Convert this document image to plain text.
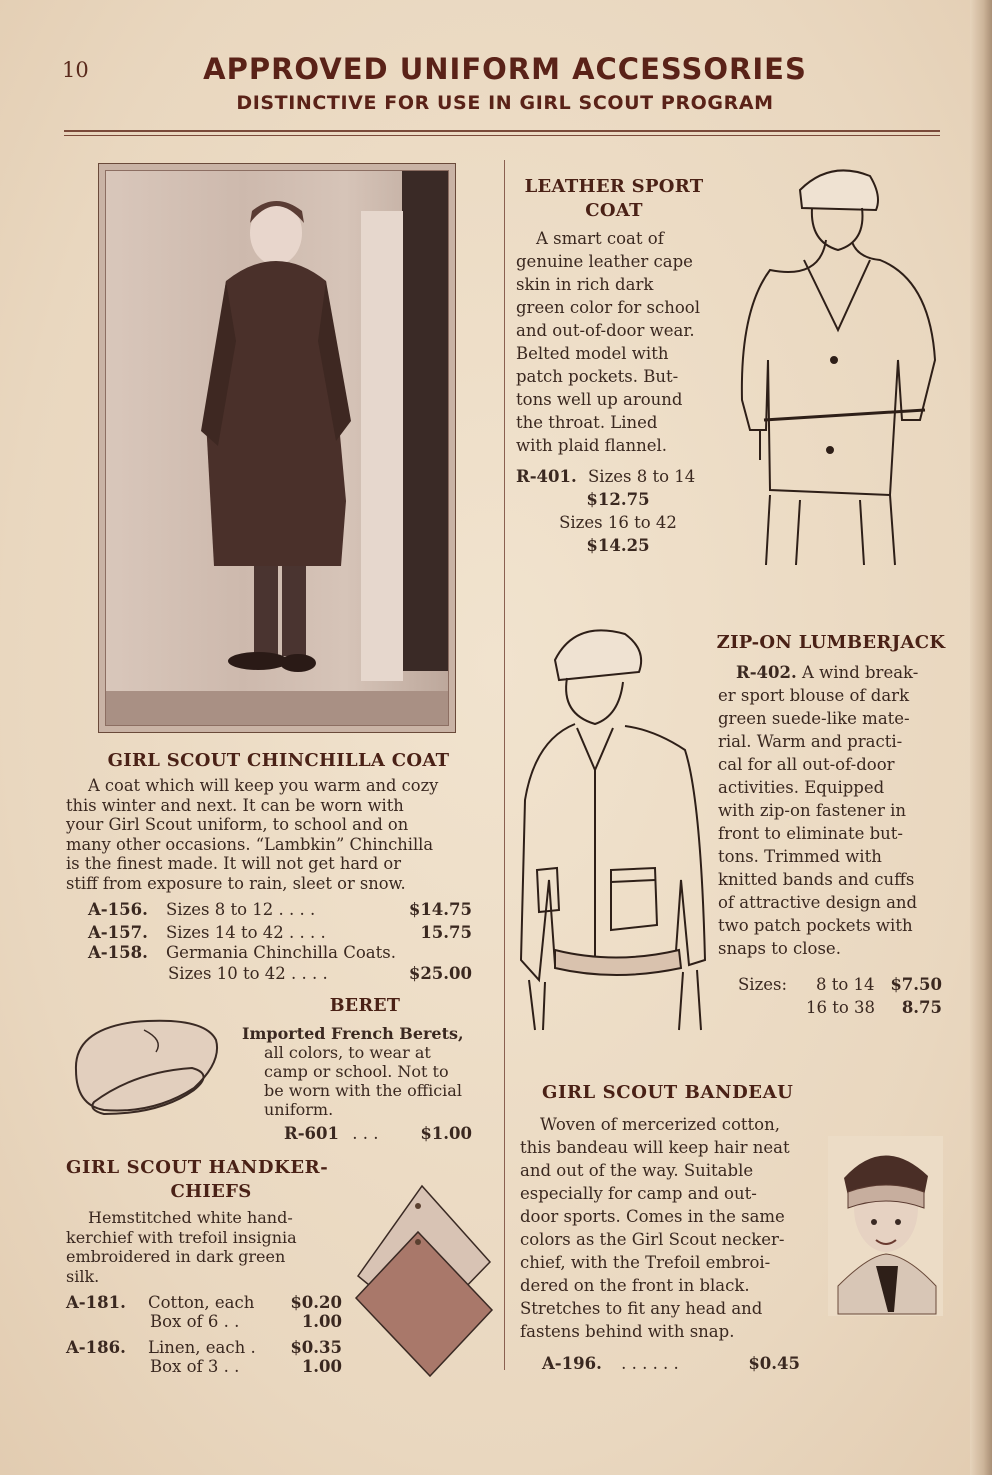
10	APPROVED UNIFORM ACCESSORIES
DISTINCTIVE FOR USE IN GIRL SCOUT PROGRAM
GIRL SCOUT CHINCHILLA COAT
A coat which will keep you warm and cozy
this winter and next. It can be worn with
your Girl Scout uniform, to school and on
many other occasions. “Lambkin” Chinchilla
is the finest made. It will not get hard or
stiff from exposure to rain, sleet or snow.
A-156. Sizes 8 to 12 . . . .	$14.75
A-157. Sizes 14 to 42 . . . .	15.75
A-158. Germania Chinchilla Coats.
Sizes 10 to 42 . . . .	$25.00
BERET
Imported French Berets,
all colors, to wear at
camp or school. Not to
be worn with the official
uniform.
R-601 . . .	$1.00
GIRL SCOUT HANDKER-
CHIEFS
Hemstitched white hand-
kerchief with trefoil insignia
embroidered in dark green
silk.
A-181. Cotton, each $0.20
Box of 6 . .	1.00
A-186. Linen, each . $0.35
Box of 3 . .	1.00
LEATHER SPORT
COAT
A smart coat of
genuine leather cape
skin in rich dark
green color for school
and out-of-door wear.
Belted model with
patch pockets. But-
tons well up around
the throat. Lined
with plaid flannel.
R-401. Sizes 8 to 14
$12.75
Sizes 16 to 42
$14.25
ZIP-ON LUMBERJACK
R-402. A wind break-
er sport blouse of dark
green suede-like mate-
rial. Warm and practi-
cal for all out-of-door
activities. Equipped
with zip-on fastener in
front to eliminate but-
tons. Trimmed with
knitted bands and cuffs
of attractive design and
two patch pockets with
snaps to close.
Sizes: 8 to 14 $7.50
16 to 38 8.75
GIRL SCOUT BANDEAU
Woven of mercerized cotton,
this bandeau will keep hair neat
and out of the way. Suitable
especially for camp and out-
door sports. Comes in the same
colors as the Girl Scout necker-
chief, with the Trefoil embroi-
dered on the front in black.
Stretches to fit any head and
fastens behind with snap.
A-196. . . . . . .	$0.45
